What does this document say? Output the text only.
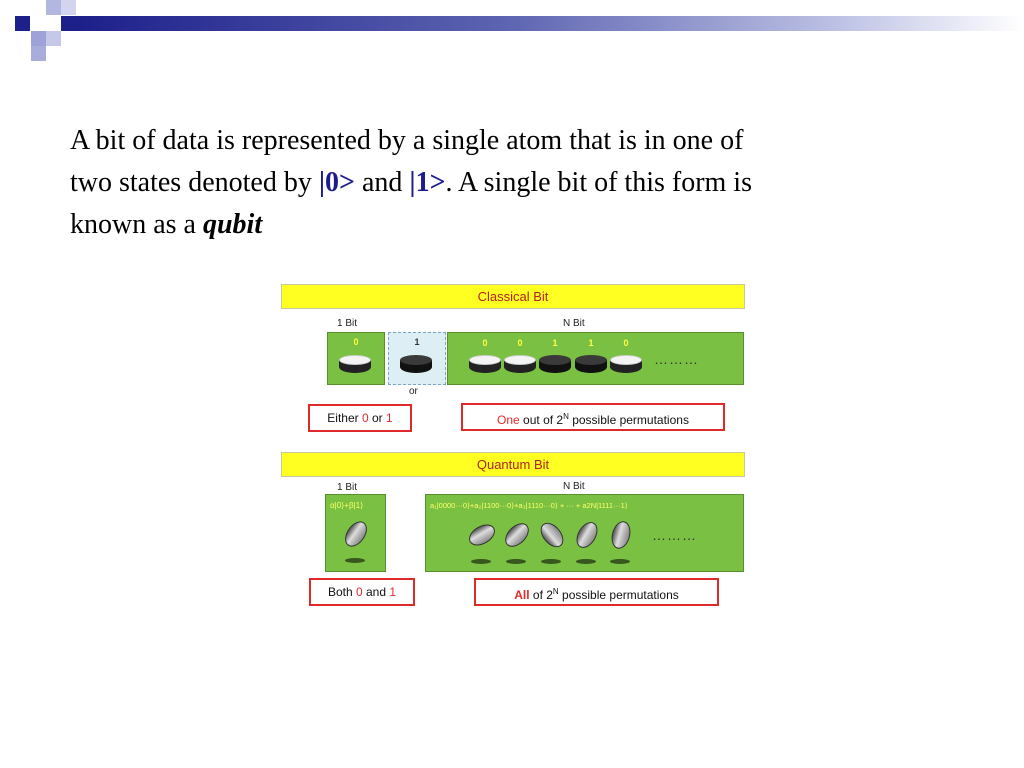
A bit of data is represented by a single atom that is in one of
two states denoted by |0> and |1>. A single bit of this form is
known as a qubit
Classical Bit
1 Bit	N Bit
0	1
or
0	0	1	1	0
………
Either 0 or 1	One out of $2^N$ possible permutations
Quantum Bit
1 Bit	N Bit
α|0⟩+β|1⟩	a₁|0000···0⟩+a₂|1100···0⟩+a₃|1110···0⟩ + ··· + a2N|1111···1⟩
………
Both 0 and 1	All of $2^N$ possible permutations
